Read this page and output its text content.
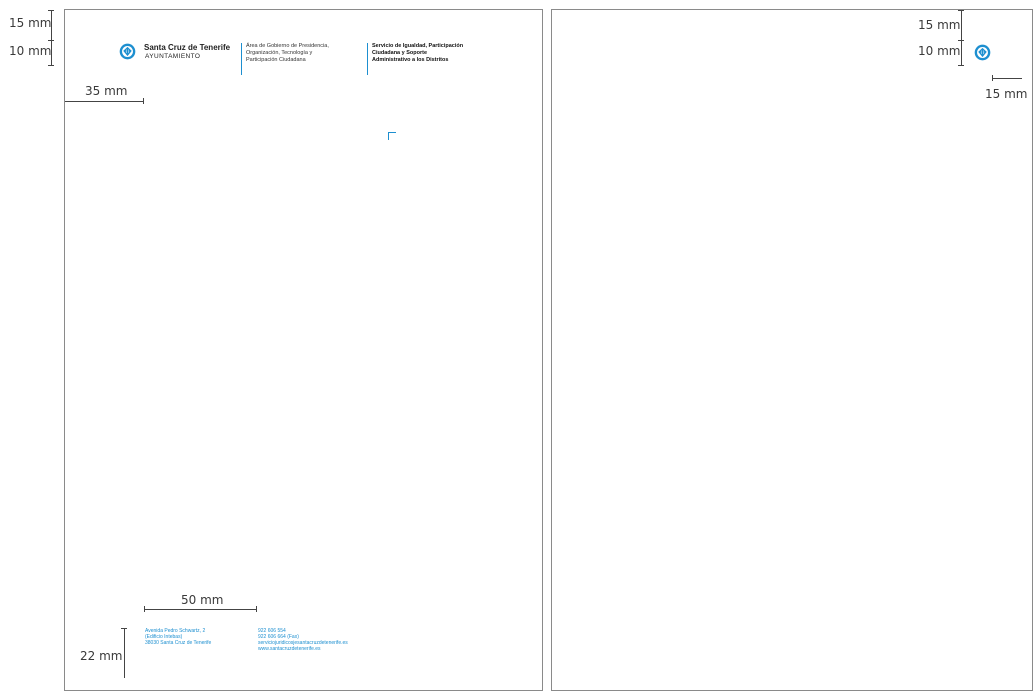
Santa Cruz de Tenerife
AYUNTAMIENTO
Área de Gobierno de Presidencia,
Organización, Tecnología y
Participación Ciudadana
Servicio de Igualdad, Participación
Ciudadana y Soporte
Administrativo a los Distritos
Avenida Pedro Schwartz, 2
(Edificio Intebas)
38030 Santa Cruz de Tenerife
922 606 554
922 606 664 (Fax)
serviciojuridicosjesantacruzdetenerife.es
www.santacruzdetenerife.es
15 mm
10 mm
35 mm
50 mm
22 mm
15 mm
10 mm
15 mm
